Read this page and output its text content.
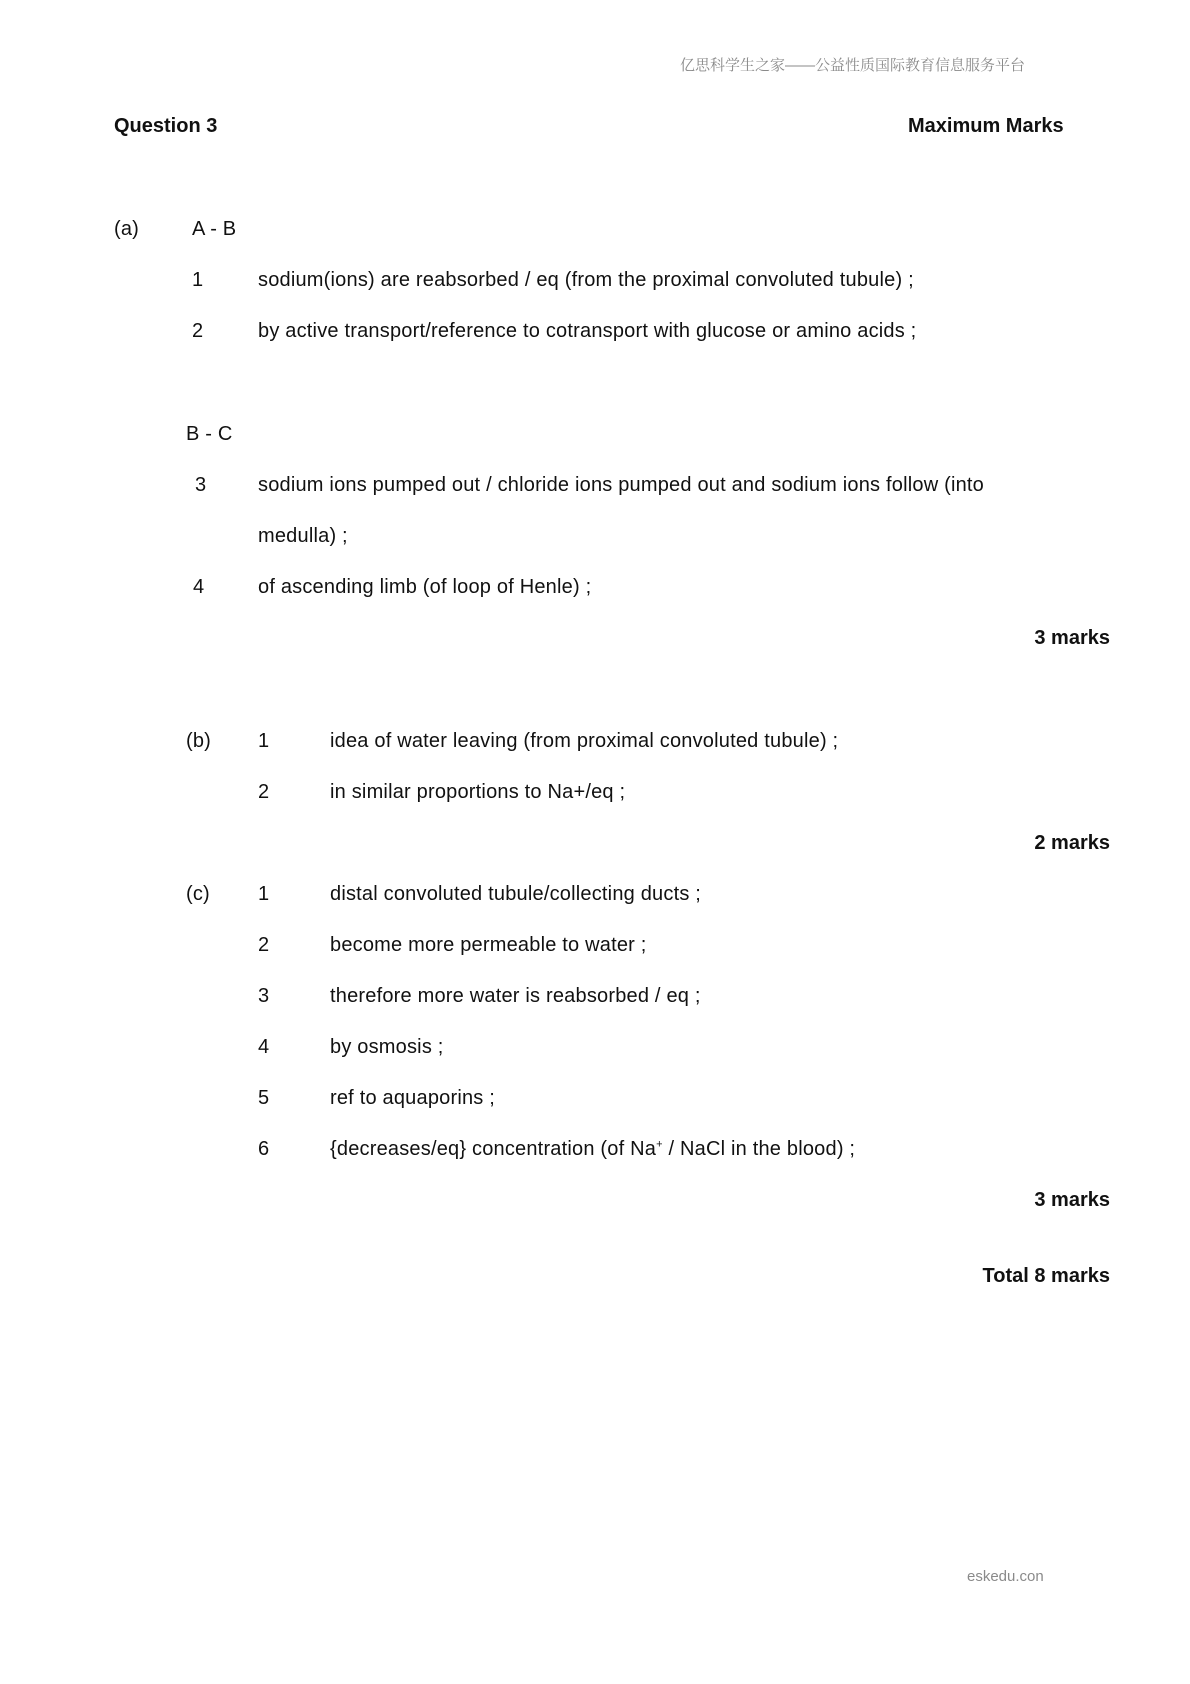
亿思科学生之家——公益性质国际教育信息服务平台
Question 3	Maximum Marks
(a)	A - B
1	sodium(ions) are reabsorbed / eq (from the proximal convoluted tubule) ;
2	by active transport/reference to cotransport with glucose or amino acids ;
B - C
3	sodium ions pumped out / chloride ions pumped out and sodium ions follow (into
medulla) ;
4	of ascending limb (of loop of Henle) ;
3 marks
(b) 1	idea of water leaving (from proximal convoluted tubule) ;
2	in similar proportions to Na+/eq ;
2 marks
(c) 1	distal convoluted tubule/collecting ducts ;
2	become more permeable to water ;
3	therefore more water is reabsorbed / eq ;
4	by osmosis ;
5	ref to aquaporins ;
6	{decreases/eq} concentration (of Na+ / NaCl in the blood) ;
3 marks
Total 8 marks
eskedu.con
